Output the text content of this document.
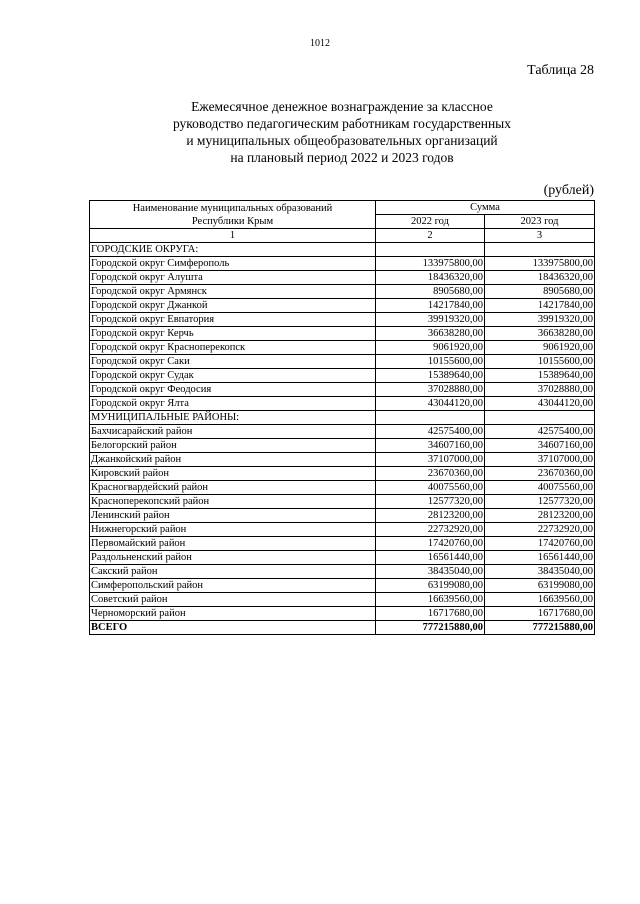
1012
Таблица 28
Ежемесячное денежное вознаграждение за классное
руководство педагогическим работникам государственных
и муниципальных общеобразовательных организаций
на плановый период 2022 и 2023 годов
(рублей)
Наименование муниципальных образований
Республики Крым	Сумма	
	2022 год	2023 год
1	2	3
ГОРОДСКИЕ ОКРУГА:		
Городской округ Симферополь	133975800,00	133975800,00
Городской округ Алушта	18436320,00	18436320,00
Городской округ Армянск	8905680,00	8905680,00
Городской округ Джанкой	14217840,00	14217840,00
Городской округ Евпатория	39919320,00	39919320,00
Городской округ Керчь	36638280,00	36638280,00
Городской округ Красноперекопск	9061920,00	9061920,00
Городской округ Саки	10155600,00	10155600,00
Городской округ Судак	15389640,00	15389640,00
Городской округ Феодосия	37028880,00	37028880,00
Городской округ Ялта	43044120,00	43044120,00
МУНИЦИПАЛЬНЫЕ РАЙОНЫ:		
Бахчисарайский район	42575400,00	42575400,00
Белогорский район	34607160,00	34607160,00
Джанкойский район	37107000,00	37107000,00
Кировский район	23670360,00	23670360,00
Красногвардейский район	40075560,00	40075560,00
Красноперекопский район	12577320,00	12577320,00
Ленинский район	28123200,00	28123200,00
Нижнегорский район	22732920,00	22732920,00
Первомайский район	17420760,00	17420760,00
Раздольненский район	16561440,00	16561440,00
Сакский район	38435040,00	38435040,00
Симферопольский район	63199080,00	63199080,00
Советский район	16639560,00	16639560,00
Черноморский район	16717680,00	16717680,00
ВСЕГО	777215880,00	777215880,00
